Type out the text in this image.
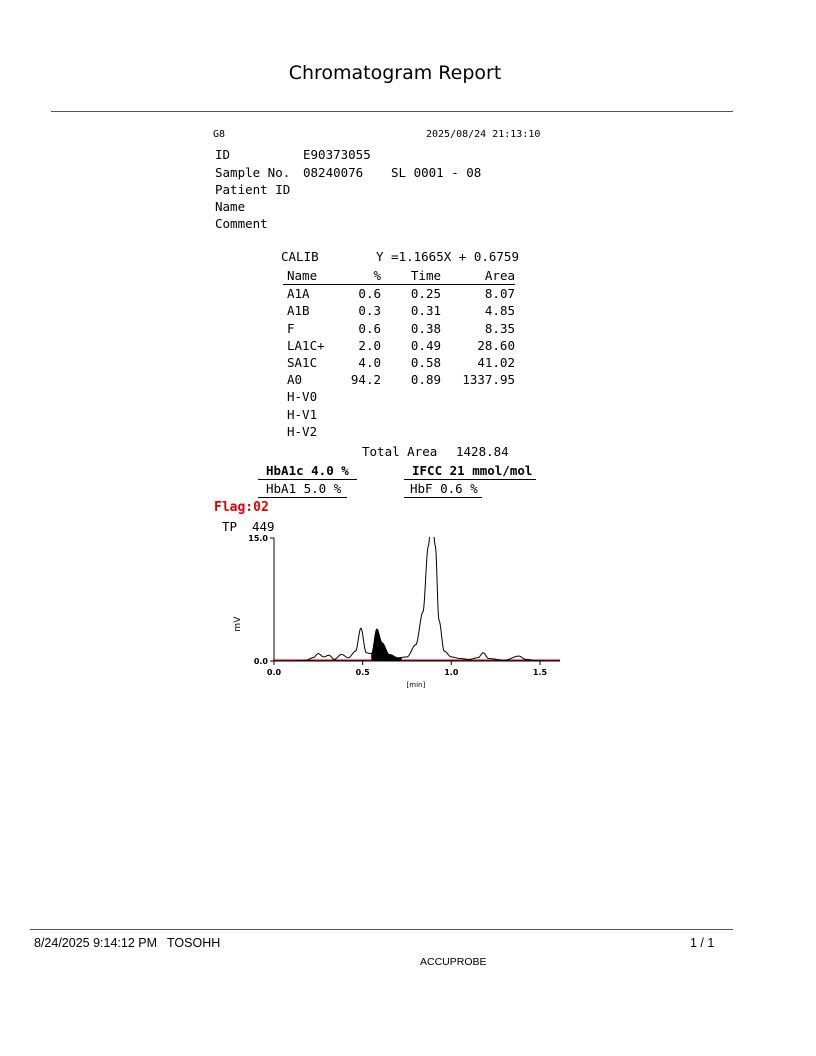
Chromatogram Report
G8	2025/08/24 21:13:10
ID	E90373055
Sample No. 08240076 SL 0001 - 08
Patient ID
Name
Comment
CALIB	Y =1.1665X + 0.6759
Name	%	Time	Area
A1A	0.6	0.25	8.07
A1B	0.3	0.31	4.85
F	0.6	0.38	8.35
LA1C+	2.0	0.49	28.60
SA1C	4.0	0.58	41.02
A0	94.2	0.89	1337.95
H-V0			
H-V1			
H-V2			
Total Area 1428.84
HbA1c 4.0 %	IFCC 21 mmol/mol
HbA1 5.0 %	HbF 0.6 %
Flag:02
TP 449
0.0
15.0
0.0	0.5	1.0	1.5
[min]
mV
8/24/2025 9:14:12 PM TOSOHH	1 / 1
ACCUPROBE
